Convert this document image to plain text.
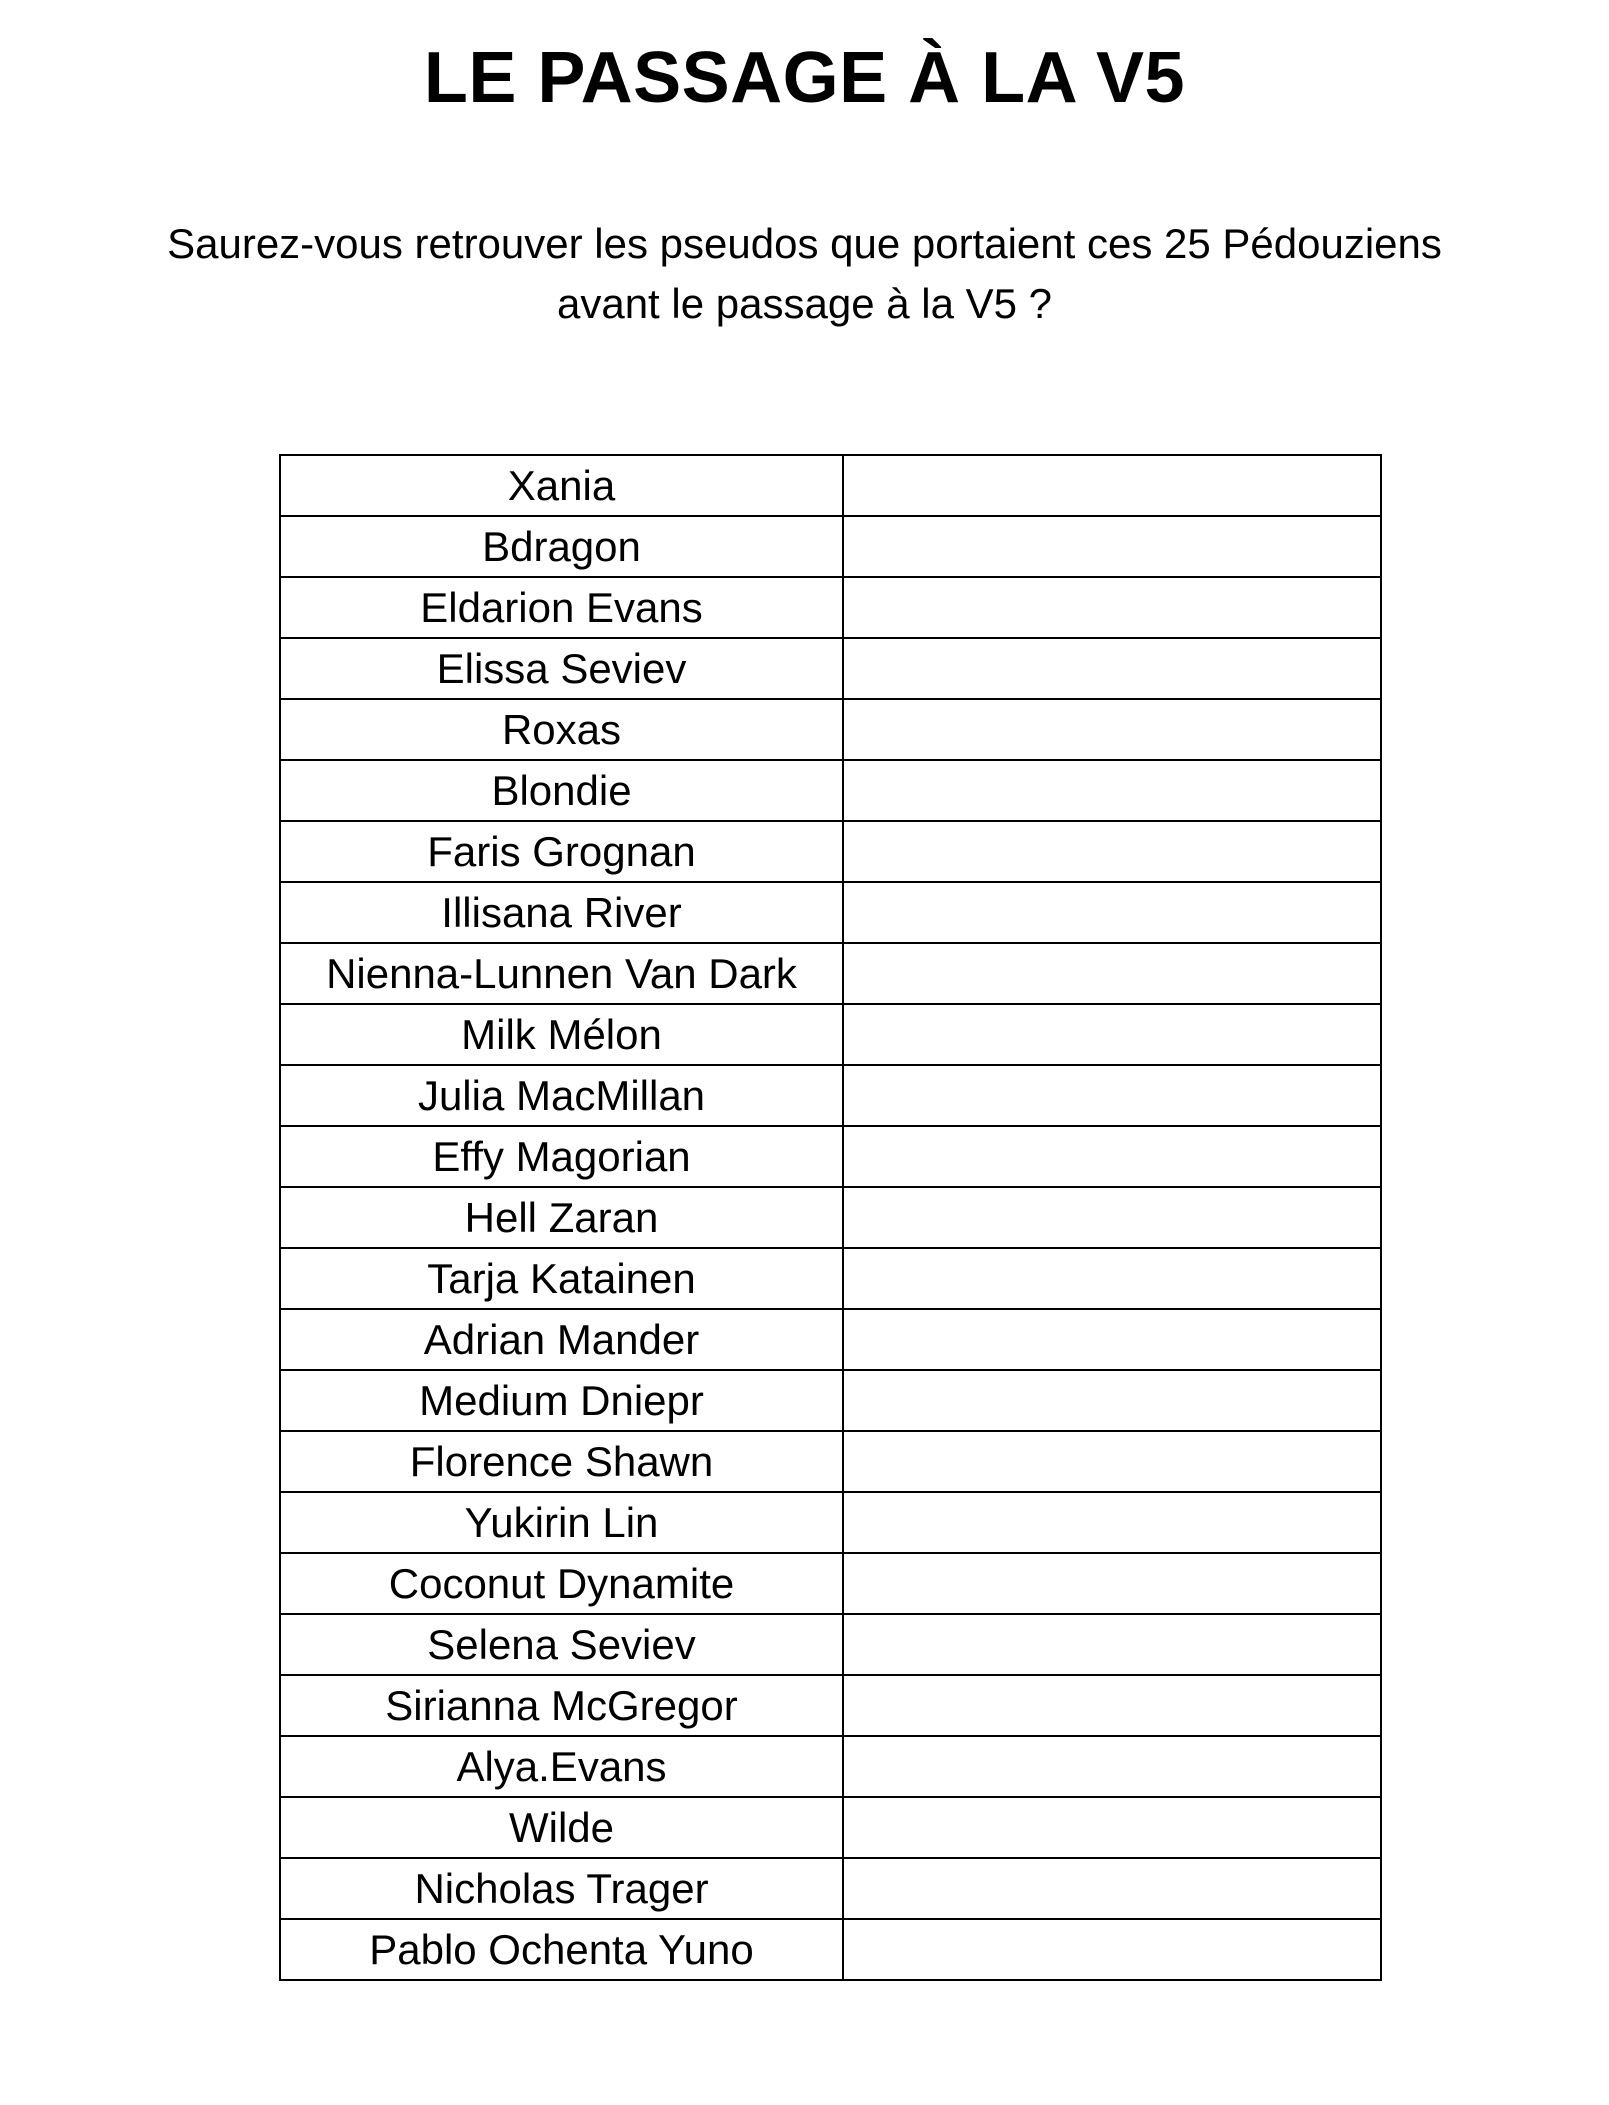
LE PASSAGE À LA V5
Saurez-vous retrouver les pseudos que portaient ces 25 Pédouziens avant le passage à la V5 ?
Xania	
Bdragon	
Eldarion Evans	
Elissa Seviev	
Roxas	
Blondie	
Faris Grognan	
Illisana River	
Nienna-Lunnen Van Dark	
Milk Mélon	
Julia MacMillan	
Effy Magorian	
Hell Zaran	
Tarja Katainen	
Adrian Mander	
Medium Dniepr	
Florence Shawn	
Yukirin Lin	
Coconut Dynamite	
Selena Seviev	
Sirianna McGregor	
Alya.Evans	
Wilde	
Nicholas Trager	
Pablo Ochenta Yuno	
